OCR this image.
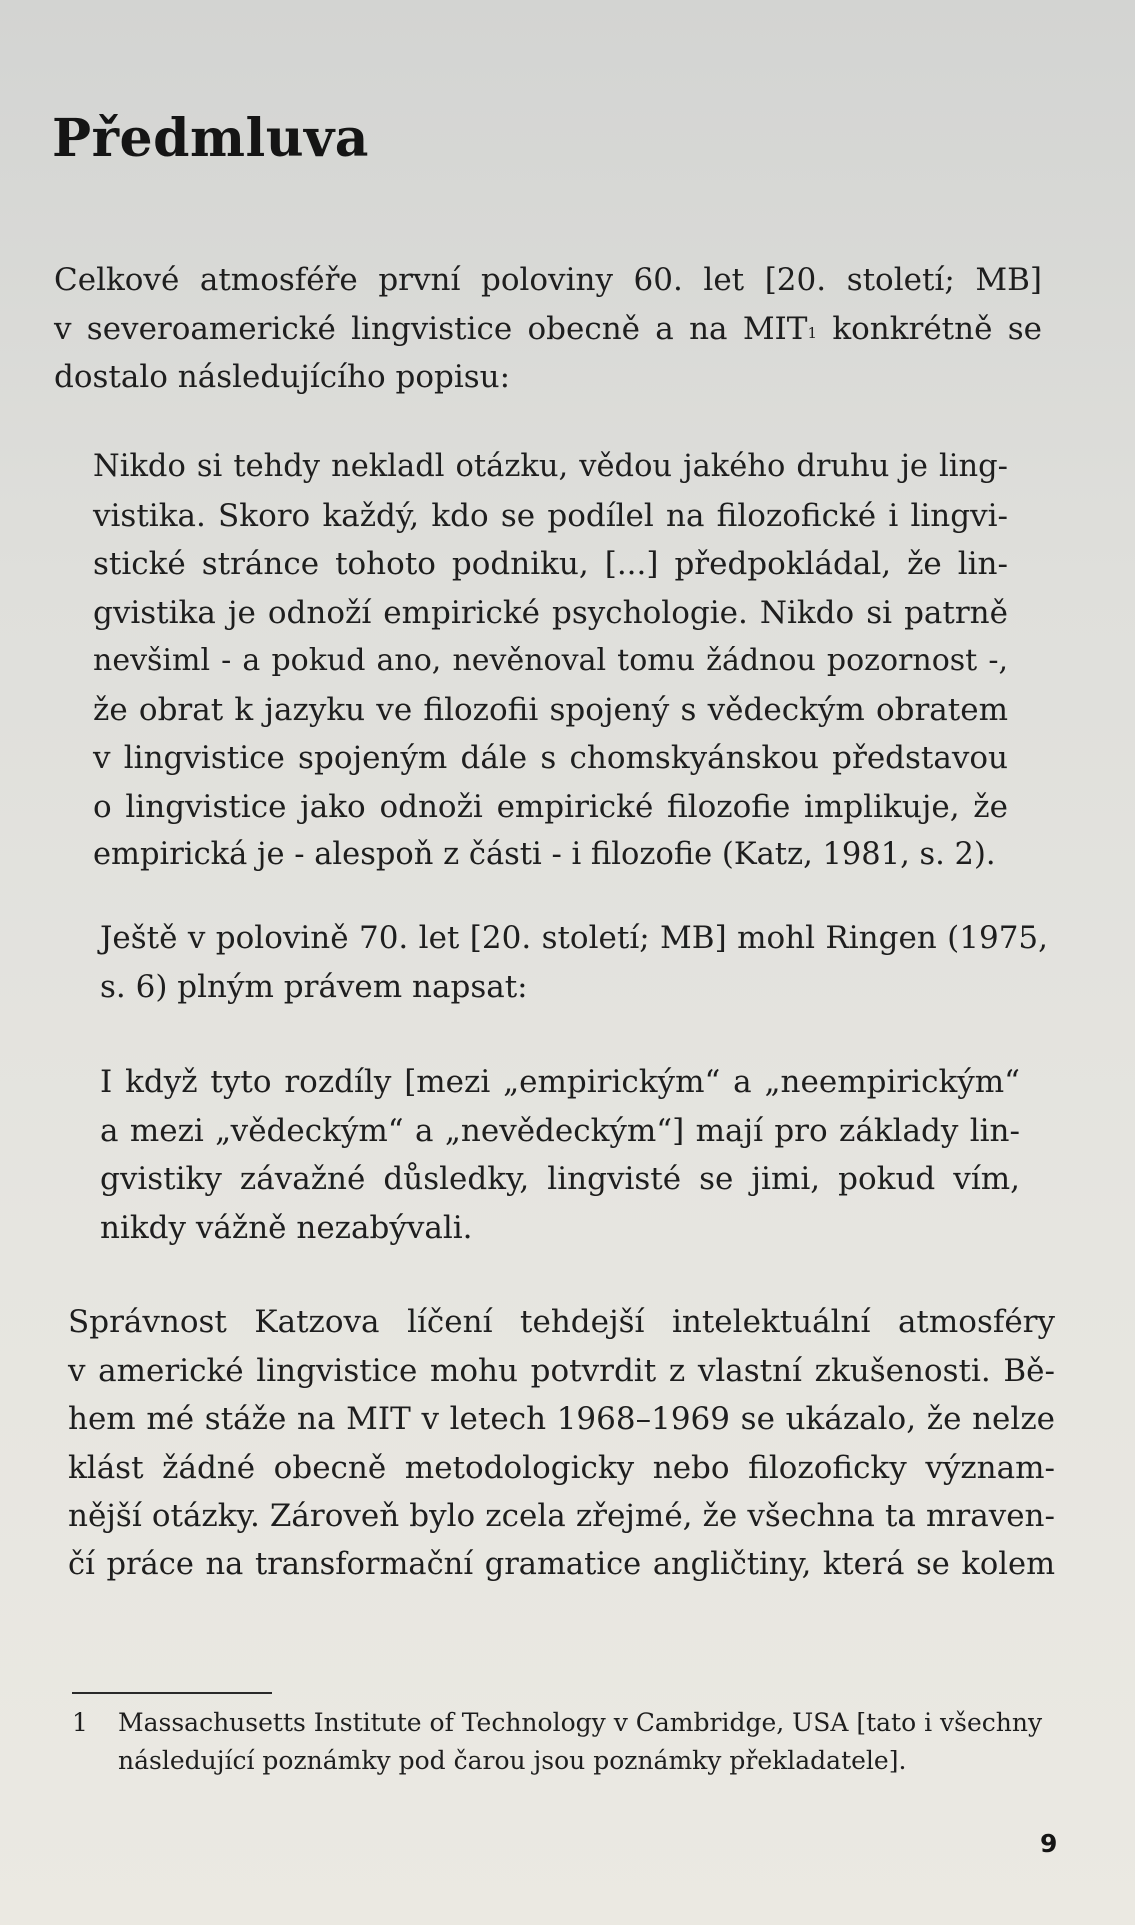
Předmluva

Celkové atmosféře první poloviny 60. let [20. století; MB]
v severoamerické lingvistice obecně a na MIT$^1$ konkrétně se
dostalo následujícího popisu:

Nikdo si tehdy nekladl otázku, vědou jakého druhu je ling-
vistika. Skoro každý, kdo se podílel na filozofické i lingvi-
stické stránce tohoto podniku, [...] předpokládal, že lin-
gvistika je odnoží empirické psychologie. Nikdo si patrně
nevšiml - a pokud ano, nevěnoval tomu žádnou pozornost -,
že obrat k jazyku ve filozofii spojený s vědeckým obratem
v lingvistice spojeným dále s chomskyánskou představou
o lingvistice jako odnoži empirické filozofie implikuje, že
empirická je - alespoň z části - i filozofie (Katz, 1981, s. 2).

Ještě v polovině 70. let [20. století; MB] mohl Ringen (1975,
s. 6) plným právem napsat:

I když tyto rozdíly [mezi „empirickým“ a „neempirickým“
a mezi „vědeckým“ a „nevědeckým“] mají pro základy lin-
gvistiky závažné důsledky, lingvisté se jimi, pokud vím,
nikdy vážně nezabývali.

Správnost Katzova líčení tehdejší intelektuální atmosféry
v americké lingvistice mohu potvrdit z vlastní zkušenosti. Bě-
hem mé stáže na MIT v letech 1968–1969 se ukázalo, že nelze
klást žádné obecně metodologicky nebo filozoficky význam-
nější otázky. Zároveň bylo zcela zřejmé, že všechna ta mraven-
čí práce na transformační gramatice angličtiny, která se kolem

1 Massachusetts Institute of Technology v Cambridge, USA [tato i všechny
následující poznámky pod čarou jsou poznámky překladatele].

9
